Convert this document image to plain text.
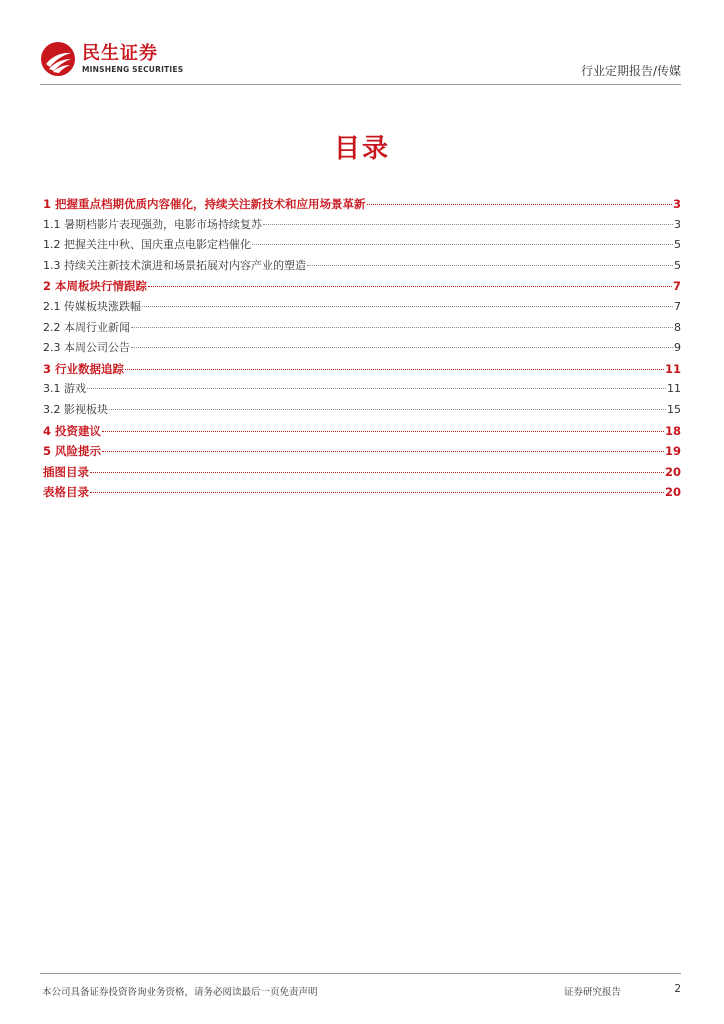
民生证券
MINSHENG SECURITIES	行业定期报告/传媒
目录
1 把握重点档期优质内容催化，持续关注新技术和应用场景革新	3
1.1 暑期档影片表现强劲，电影市场持续复苏	3
1.2 把握关注中秋、国庆重点电影定档催化	5
1.3 持续关注新技术演进和场景拓展对内容产业的塑造	5
2 本周板块行情跟踪	7
2.1 传媒板块涨跌幅	7
2.2 本周行业新闻	8
2.3 本周公司公告	9
3 行业数据追踪	11
3.1 游戏	11
3.2 影视板块	15
4 投资建议	18
5 风险提示	19
插图目录	20
表格目录	20
本公司具备证券投资咨询业务资格，请务必阅读最后一页免责声明	证券研究报告	2
